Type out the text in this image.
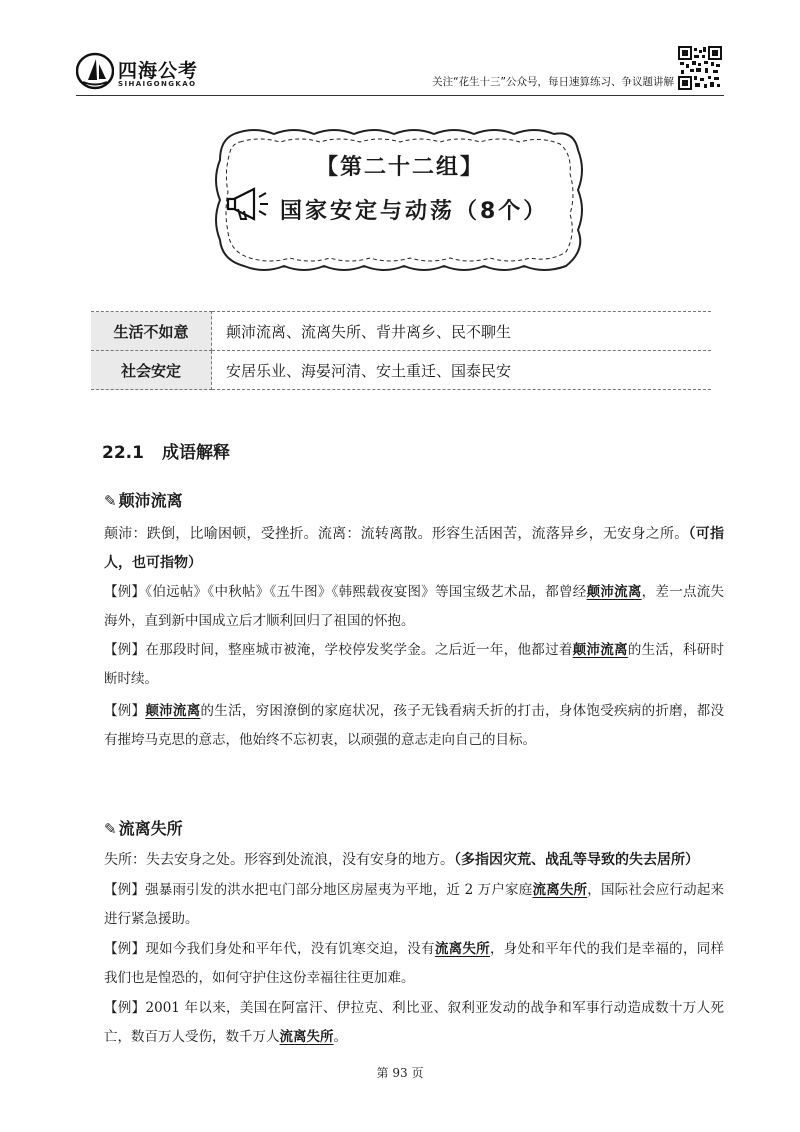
四海公考
SIHAIGONGKAO	关注“花生十三”公众号，每日速算练习、争议题讲解
【第二十二组】
国家安定与动荡（8个）
生活不如意	颠沛流离、流离失所、背井离乡、民不聊生
社会安定	安居乐业、海晏河清、安土重迁、国泰民安
22.1 成语解释
✎ 颠沛流离
颠沛：跌倒，比喻困顿，受挫折。流离：流转离散。形容生活困苦，流落异乡，无安身之所。（可指人，也可指物）
【例】《伯远帖》《中秋帖》《五牛图》《韩熙载夜宴图》等国宝级艺术品，都曾经颠沛流离，差一点流失海外，直到新中国成立后才顺利回归了祖国的怀抱。
【例】在那段时间，整座城市被淹，学校停发奖学金。之后近一年，他都过着颠沛流离的生活，科研时断时续。
【例】颠沛流离的生活，穷困潦倒的家庭状况，孩子无钱看病夭折的打击，身体饱受疾病的折磨，都没有摧垮马克思的意志，他始终不忘初衷，以顽强的意志走向自己的目标。
✎ 流离失所
失所：失去安身之处。形容到处流浪，没有安身的地方。（多指因灾荒、战乱等导致的失去居所）
【例】强暴雨引发的洪水把屯门部分地区房屋夷为平地，近 2 万户家庭流离失所，国际社会应行动起来进行紧急援助。
【例】现如今我们身处和平年代，没有饥寒交迫，没有流离失所，身处和平年代的我们是幸福的，同样我们也是惶恐的，如何守护住这份幸福往往更加难。
【例】2001 年以来，美国在阿富汗、伊拉克、利比亚、叙利亚发动的战争和军事行动造成数十万人死亡，数百万人受伤，数千万人流离失所。
第 93 页
